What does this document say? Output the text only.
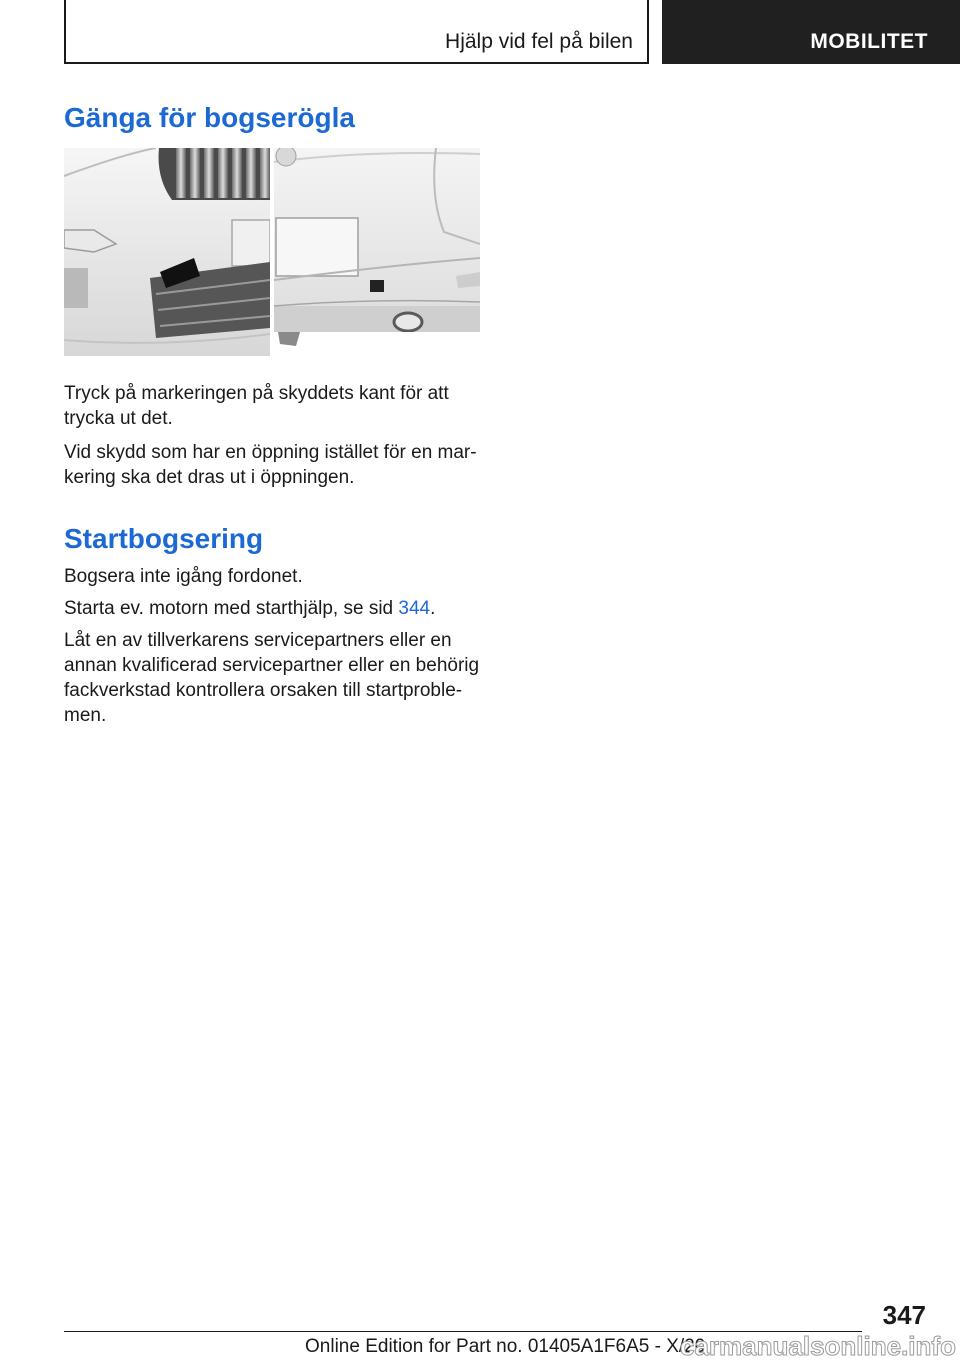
Hjälp vid fel på bilen	MOBILITET
Gänga för bogserögla

Tryck på markeringen på skyddets kant för att trycka ut det.

Vid skydd som har en öppning istället för en mar-kering ska det dras ut i öppningen.

Startbogsering

Bogsera inte igång fordonet.

Starta ev. motorn med starthjälp, se sid 344.

Låt en av tillverkarens servicepartners eller en annan kvalificerad servicepartner eller en behörig fackverkstad kontrollera orsaken till startproble-men.

347
Online Edition for Part no. 01405A1F6A5 - X/20
carmanualsonline.info
